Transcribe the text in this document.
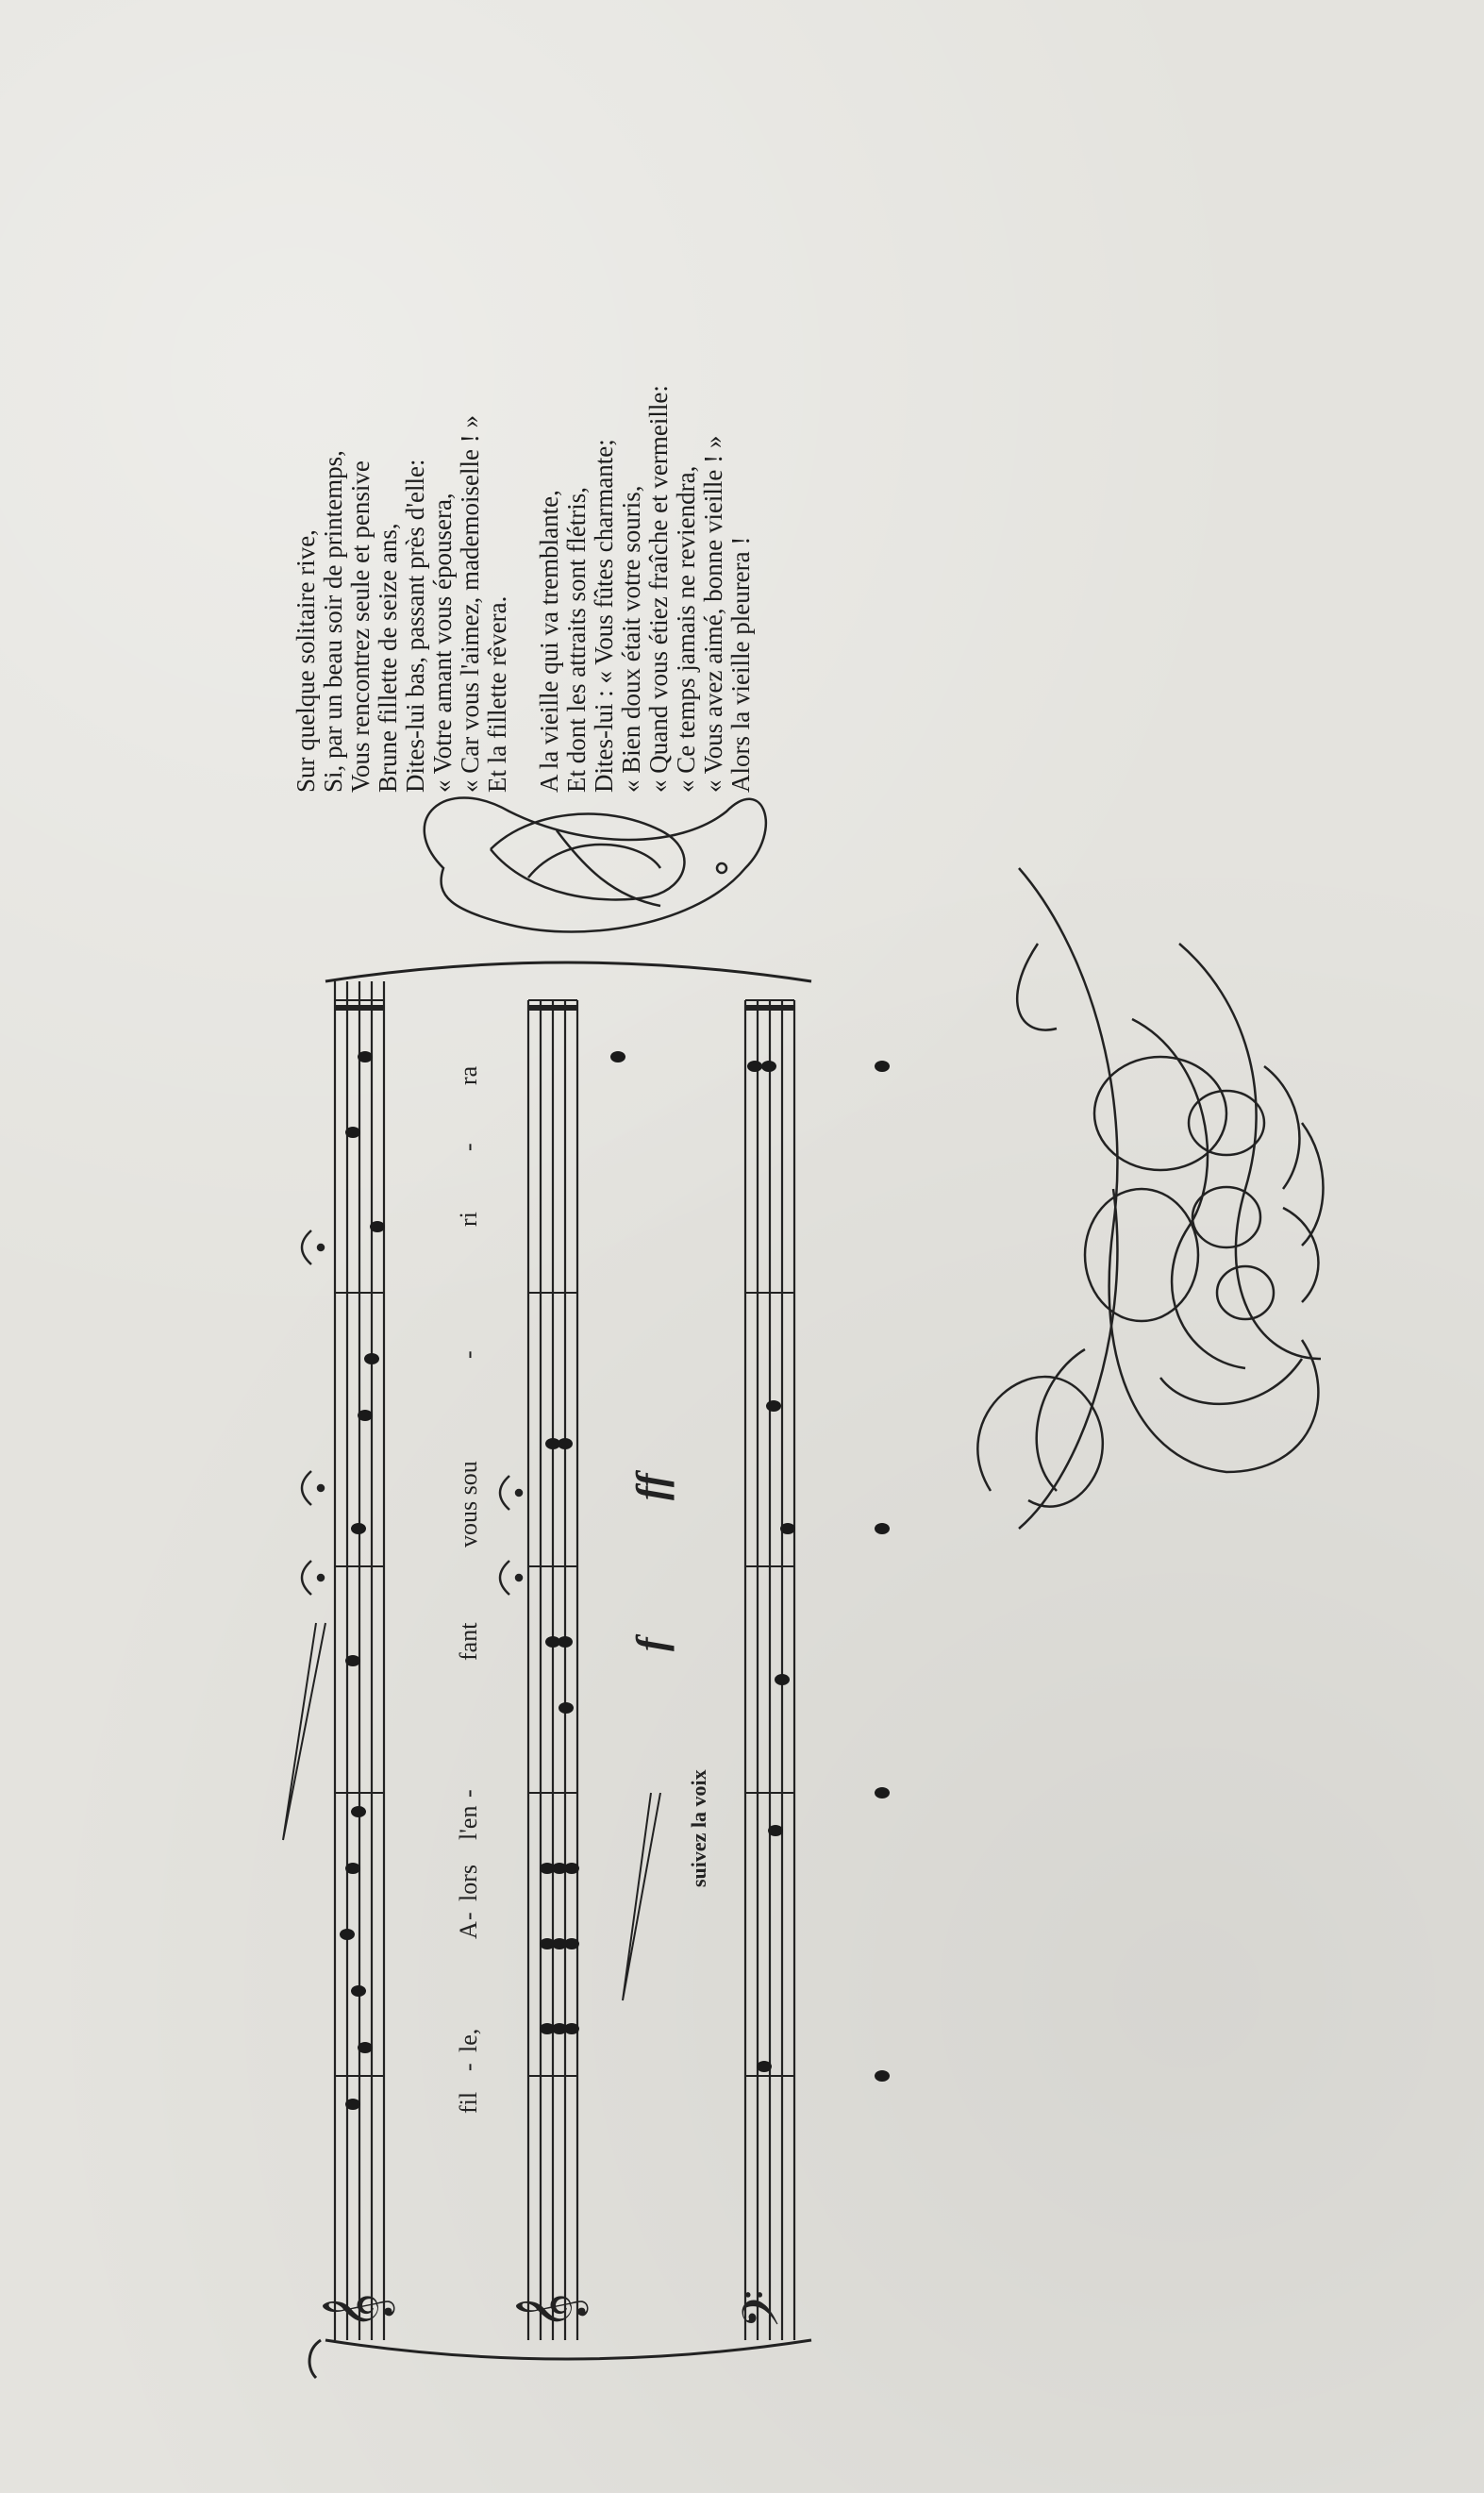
Sur quelque solitaire rive, Si, par un beau soir de printemps, Vous rencontrez seule et pensive Brune fillette de seize ans, Dites-lui bas, passant près d'elle: « Votre amant vous épousera, « Car vous l'aimez, mademoiselle ! » Et la fillette rêvera. A la vieille qui va tremblante, Et dont les attraits sont flétris, Dites-lui : « Vous fûtes charmante; « Bien doux était votre souris, « Quand vous étiez fraîche et vermeille: « Ce temps jamais ne reviendra, « Vous avez aimé, bonne vieille ! » Alors la vieille pleurera !
𝄞 𝄞 𝄢
fil
-
le,
A
-
lors
l'en
-
fant
vous sou
-
ri
-
ra
f
ff
suivez la voix
